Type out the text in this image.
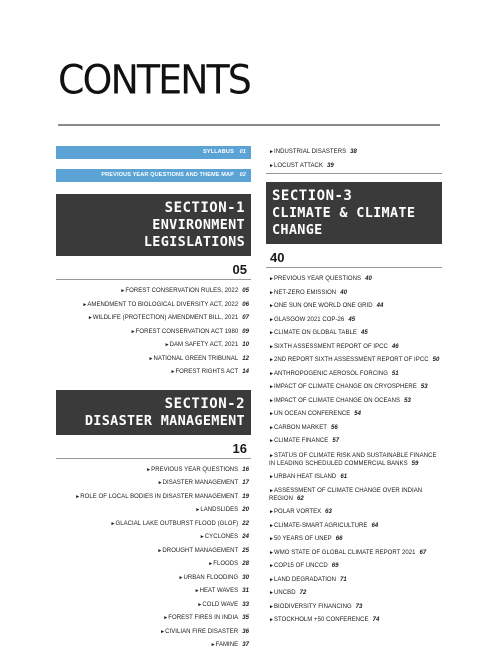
CONTENTS
SYLLABUS 01
PREVIOUS YEAR QUESTIONS AND THEME MAP 02
SECTION-1
ENVIRONMENT LEGISLATIONS
05
►FOREST CONSERVATION RULES, 2022 05
►AMENDMENT TO BIOLOGICAL DIVERSITY ACT, 2022 06
►WILDLIFE (PROTECTION) AMENDMENT BILL, 2021 07
►FOREST CONSERVATION ACT 1980 09
►DAM SAFETY ACT, 2021 10
►NATIONAL GREEN TRIBUNAL 12
►FOREST RIGHTS ACT 14
SECTION-2
DISASTER MANAGEMENT
16
►PREVIOUS YEAR QUESTIONS 16
►DISASTER MANAGEMENT 17
►ROLE OF LOCAL BODIES IN DISASTER MANAGEMENT 19
►LANDSLIDES 20
►GLACIAL LAKE OUTBURST FLOOD (GLOF) 22
►CYCLONES 24
►DROUGHT MANAGEMENT 25
►FLOODS 28
►URBAN FLOODING 30
►HEAT WAVES 31
►COLD WAVE 33
►FOREST FIRES IN INDIA 35
►CIVILIAN FIRE DISASTER 36
►FAMINE 37
►INDUSTRIAL DISASTERS 38
►LOCUST ATTACK 39
SECTION-3
CLIMATE & CLIMATE CHANGE
40
►PREVIOUS YEAR QUESTIONS 40
►NET-ZERO EMISSION 40
►ONE SUN ONE WORLD ONE GRID 44
►GLASGOW 2021 COP-26 45
►CLIMATE ON GLOBAL TABLE 45
►SIXTH ASSESSMENT REPORT OF IPCC 46
►2ND REPORT SIXTH ASSESSMENT REPORT OF IPCC 50
►ANTHROPOGENIC AEROSOL FORCING 51
►IMPACT OF CLIMATE CHANGE ON CRYOSPHERE 53
►IMPACT OF CLIMATE CHANGE ON OCEANS 53
►UN OCEAN CONFERENCE 54
►CARBON MARKET 56
►CLIMATE FINANCE 57
►STATUS OF CLIMATE RISK AND SUSTAINABLE FINANCE IN LEADING SCHEDULED COMMERCIAL BANKS 59
►URBAN HEAT ISLAND 61
►ASSESSMENT OF CLIMATE CHANGE OVER INDIAN REGION 62
►POLAR VORTEX 63
►CLIMATE-SMART AGRICULTURE 64
►50 YEARS OF UNEP 66
►WMO STATE OF GLOBAL CLIMATE REPORT 2021 67
►COP15 OF UNCCD 69
►LAND DEGRADATION 71
►UNCBD 72
►BIODIVERSITY FINANCING 73
►STOCKHOLM +50 CONFERENCE 74
